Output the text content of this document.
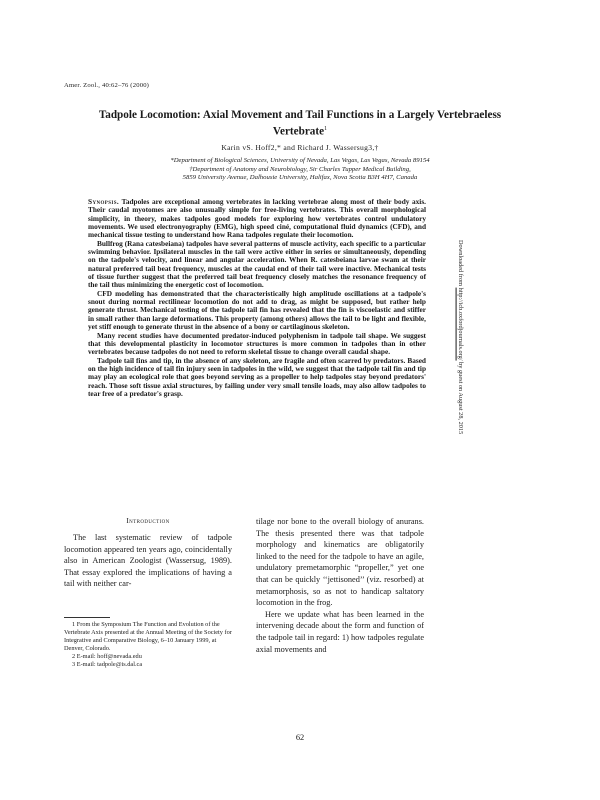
Amer. Zool., 40:62–76 (2000)
Tadpole Locomotion: Axial Movement and Tail Functions in a Largely Vertebraeless Vertebrate$^1$
Karin vS. Hoff2,* and Richard J. Wassersug3,†
*Department of Biological Sciences, University of Nevada, Las Vegas, Las Vegas, Nevada 89154
†Department of Anatomy and Neurobiology, Sir Charles Tupper Medical Building,
5859 University Avenue, Dalhousie University, Halifax, Nova Scotia B3H 4H7, Canada

Synopsis. Tadpoles are exceptional among vertebrates in lacking vertebrae along most of their body axis. Their caudal myotomes are also unusually simple for free-living vertebrates. This overall morphological simplicity, in theory, makes tadpoles good models for exploring how vertebrates control undulatory movements. We used electronyography (EMG), high speed ciné, computational fluid dynamics (CFD), and mechanical tissue testing to understand how Rana tadpoles regulate their locomotion.

Bullfrog (Rana catesbeiana) tadpoles have several patterns of muscle activity, each specific to a particular swimming behavior. Ipsilateral muscles in the tail were active either in series or simultaneously, depending on the tadpole's velocity, and linear and angular acceleration. When R. catesbeiana larvae swam at their natural preferred tail beat frequency, muscles at the caudal end of their tail were inactive. Mechanical tests of tissue further suggest that the preferred tail beat frequency closely matches the resonance frequency of the tail thus minimizing the energetic cost of locomotion.

CFD modeling has demonstrated that the characteristically high amplitude oscillations at a tadpole's snout during normal rectilinear locomotion do not add to drag, as might be supposed, but rather help generate thrust. Mechanical testing of the tadpole tail fin has revealed that the fin is viscoelastic and stiffer in small rather than large deformations. This property (among others) allows the tail to be light and flexible, yet stiff enough to generate thrust in the absence of a bony or cartilaginous skeleton.

Many recent studies have documented predator-induced polyphenism in tadpole tail shape. We suggest that this developmental plasticity in locomotor structures is more common in tadpoles than in other vertebrates because tadpoles do not need to reform skeletal tissue to change overall caudal shape.

Tadpole tail fins and tip, in the absence of any skeleton, are fragile and often scarred by predators. Based on the high incidence of tail fin injury seen in tadpoles in the wild, we suggest that the tadpole tail fin and tip may play an ecological role that goes beyond serving as a propeller to help tadpoles stay beyond predators' reach. Those soft tissue axial structures, by failing under very small tensile loads, may also allow tadpoles to tear free of a predator's grasp.

Introduction

The last systematic review of tadpole locomotion appeared ten years ago, coincidentally also in American Zoologist (Wassersug, 1989). That essay explored the implications of having a tail with neither car-

tilage nor bone to the overall biology of anurans. The thesis presented there was that tadpole morphology and kinematics are obligatorily linked to the need for the tadpole to have an agile, undulatory premetamorphic “propeller,” yet one that can be quickly ‘‘jettisoned’’ (viz. resorbed) at metamorphosis, so as not to handicap saltatory locomotion in the frog.

Here we update what has been learned in the intervening decade about the form and function of the tadpole tail in regard: 1) how tadpoles regulate axial movements and

1 From the Symposium The Function and Evolution of the Vertebrate Axis presented at the Annual Meeting of the Society for Integrative and Comparative Biology, 6–10 January 1999, at Denver, Colorado.

2 E-mail: hoff@nevada.edu

3 E-mail: tadpole@is.dal.ca

62
Downloaded from http://icb.oxfordjournals.org/ by guest on August 28, 2015
